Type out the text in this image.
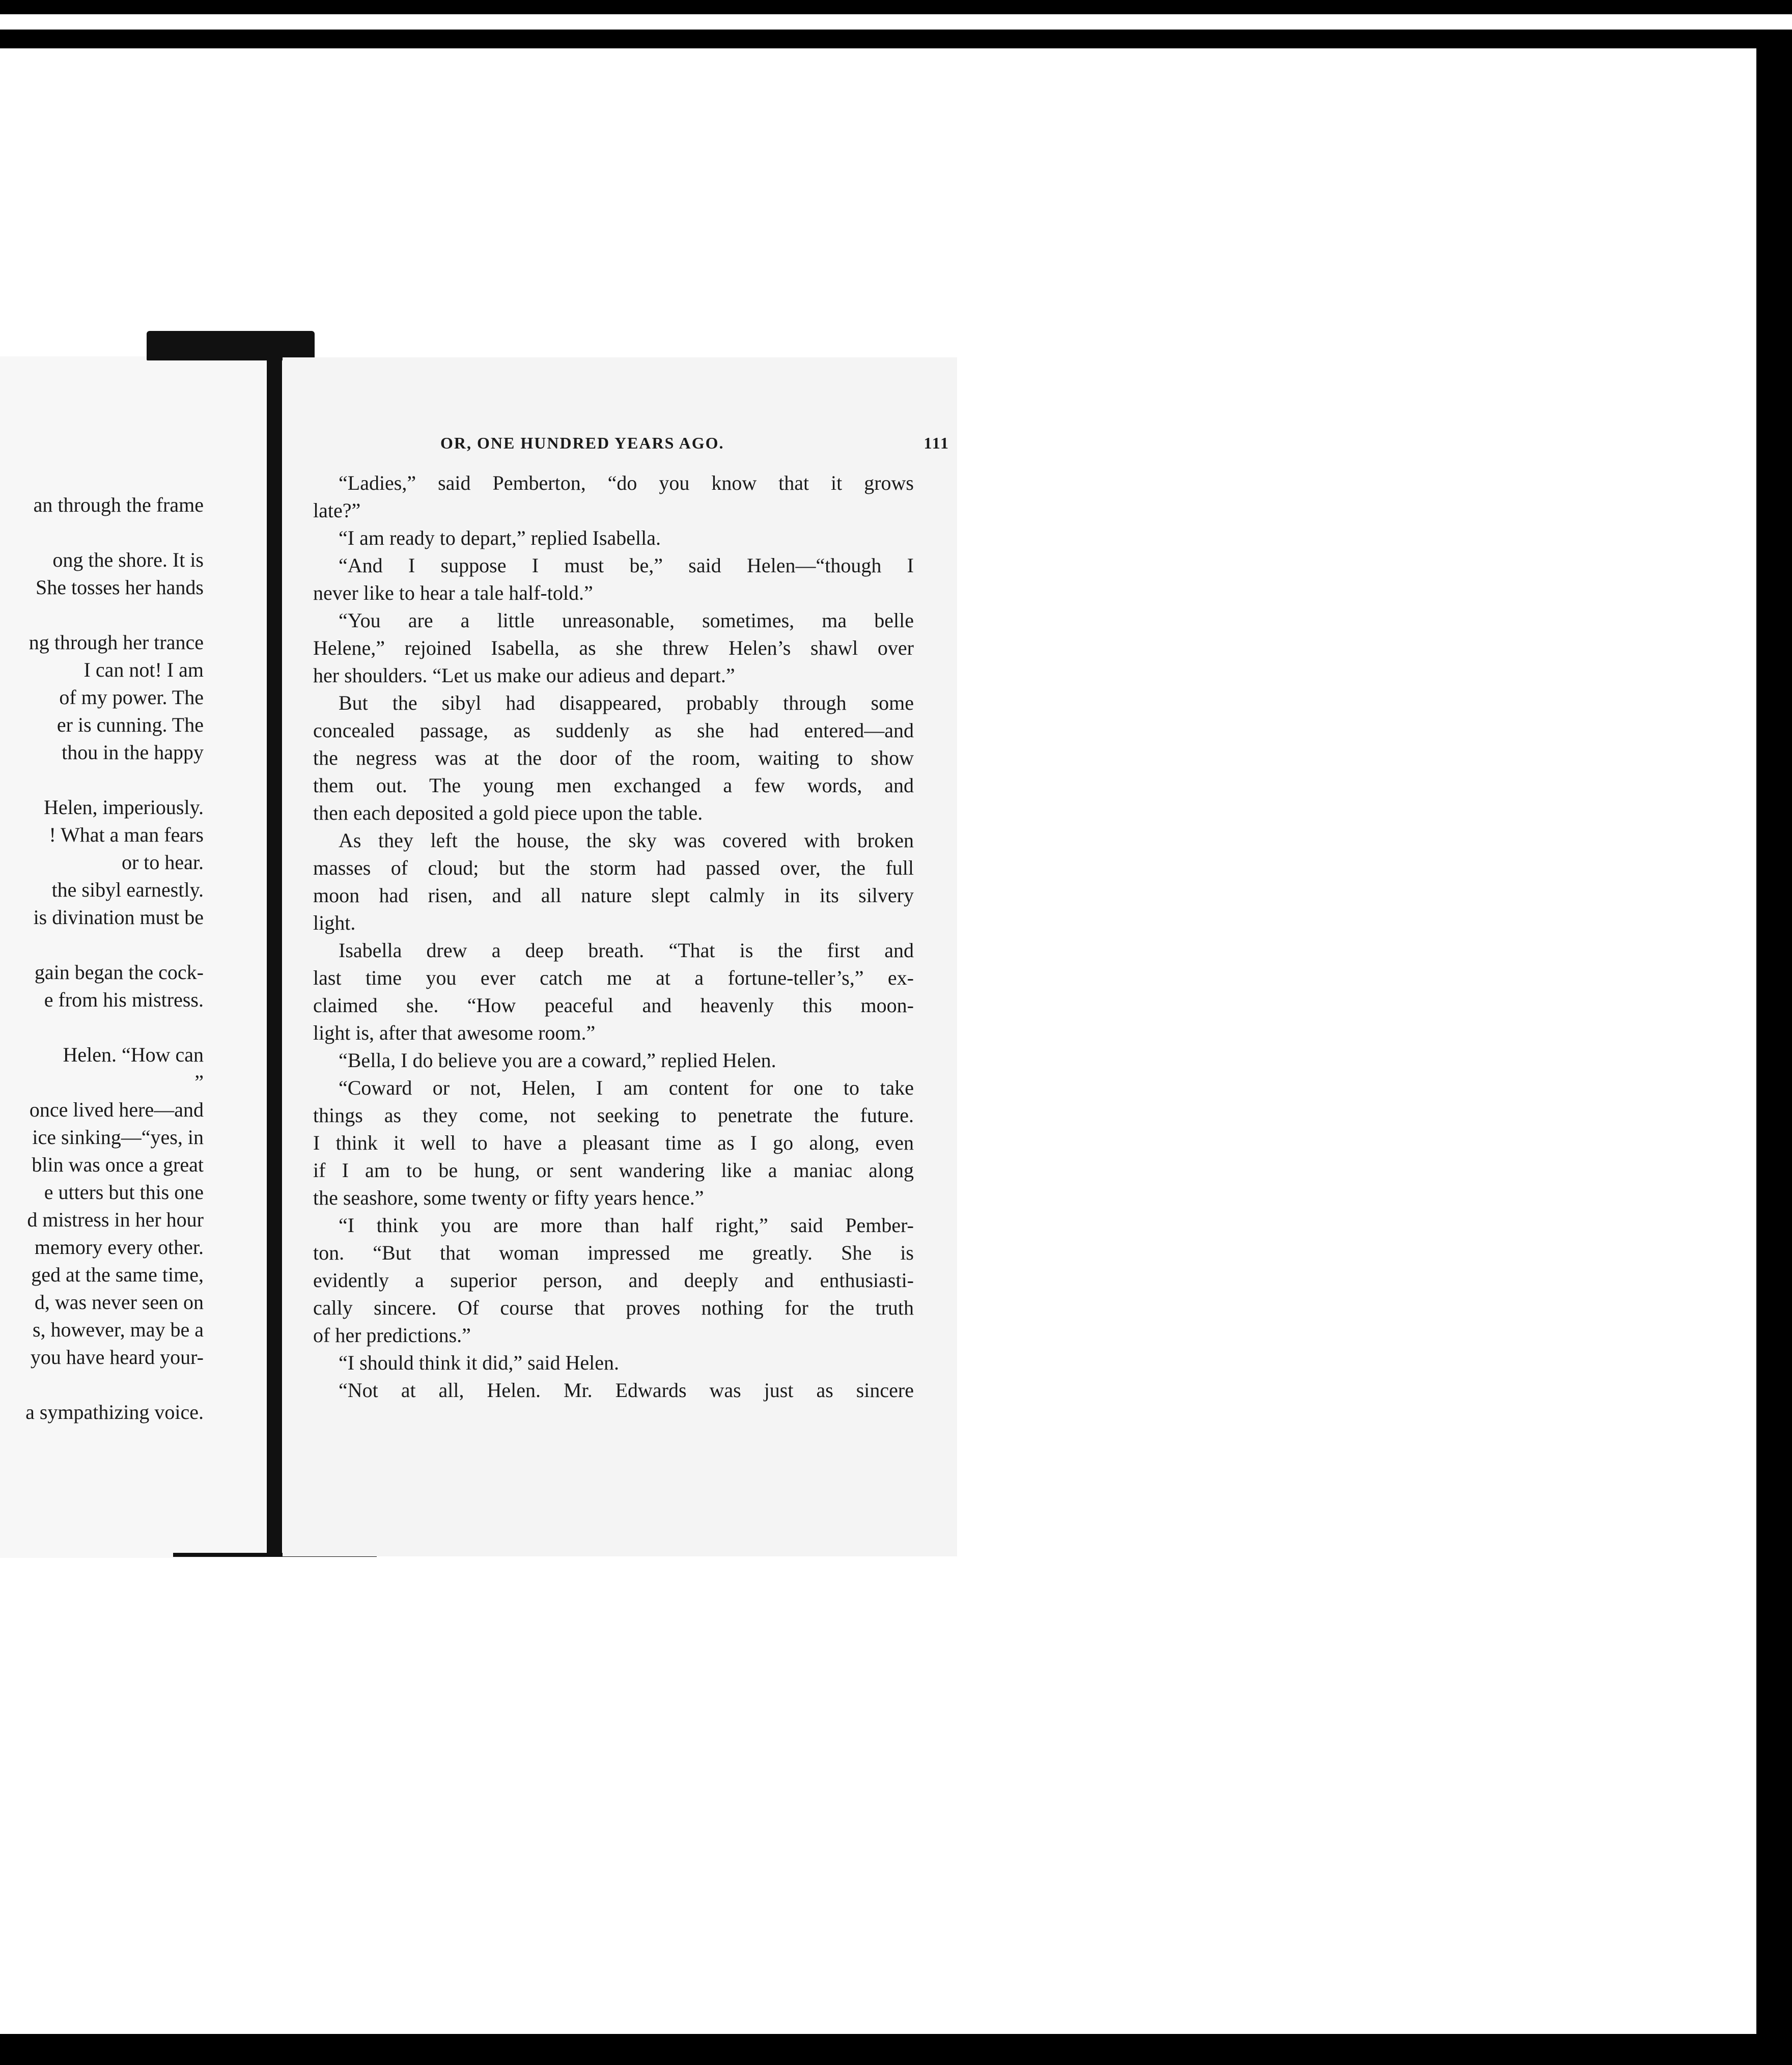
an through the frame
ong the shore. It is
She tosses her hands
ng through her trance
I can not! I am
of my power. The
er is cunning. The
thou in the happy
Helen, imperiously.
! What a man fears
or to hear.
the sibyl earnestly.
is divination must be
gain began the cock-
e from his mistress.
Helen. “How can
”
once lived here—and
ice sinking—“yes, in
blin was once a great
e utters but this one
d mistress in her hour
memory every other.
ged at the same time,
d, was never seen on
s, however, may be a
you have heard your-
a sympathizing voice.
OR, ONE HUNDRED YEARS AGO.	111
“Ladies,” said Pemberton, “do you know that it grows
late?”
“I am ready to depart,” replied Isabella.
“And I suppose I must be,” said Helen—“though I
never like to hear a tale half-told.”
“You are a little unreasonable, sometimes, ma belle
Helene,” rejoined Isabella, as she threw Helen’s shawl over
her shoulders. “Let us make our adieus and depart.”
But the sibyl had disappeared, probably through some
concealed passage, as suddenly as she had entered—and
the negress was at the door of the room, waiting to show
them out. The young men exchanged a few words, and
then each deposited a gold piece upon the table.
As they left the house, the sky was covered with broken
masses of cloud; but the storm had passed over, the full
moon had risen, and all nature slept calmly in its silvery
light.
Isabella drew a deep breath. “That is the first and
last time you ever catch me at a fortune-teller’s,” ex-
claimed she. “How peaceful and heavenly this moon-
light is, after that awesome room.”
“Bella, I do believe you are a coward,” replied Helen.
“Coward or not, Helen, I am content for one to take
things as they come, not seeking to penetrate the future.
I think it well to have a pleasant time as I go along, even
if I am to be hung, or sent wandering like a maniac along
the seashore, some twenty or fifty years hence.”
“I think you are more than half right,” said Pember-
ton. “But that woman impressed me greatly. She is
evidently a superior person, and deeply and enthusiasti-
cally sincere. Of course that proves nothing for the truth
of her predictions.”
“I should think it did,” said Helen.
“Not at all, Helen. Mr. Edwards was just as sincere
